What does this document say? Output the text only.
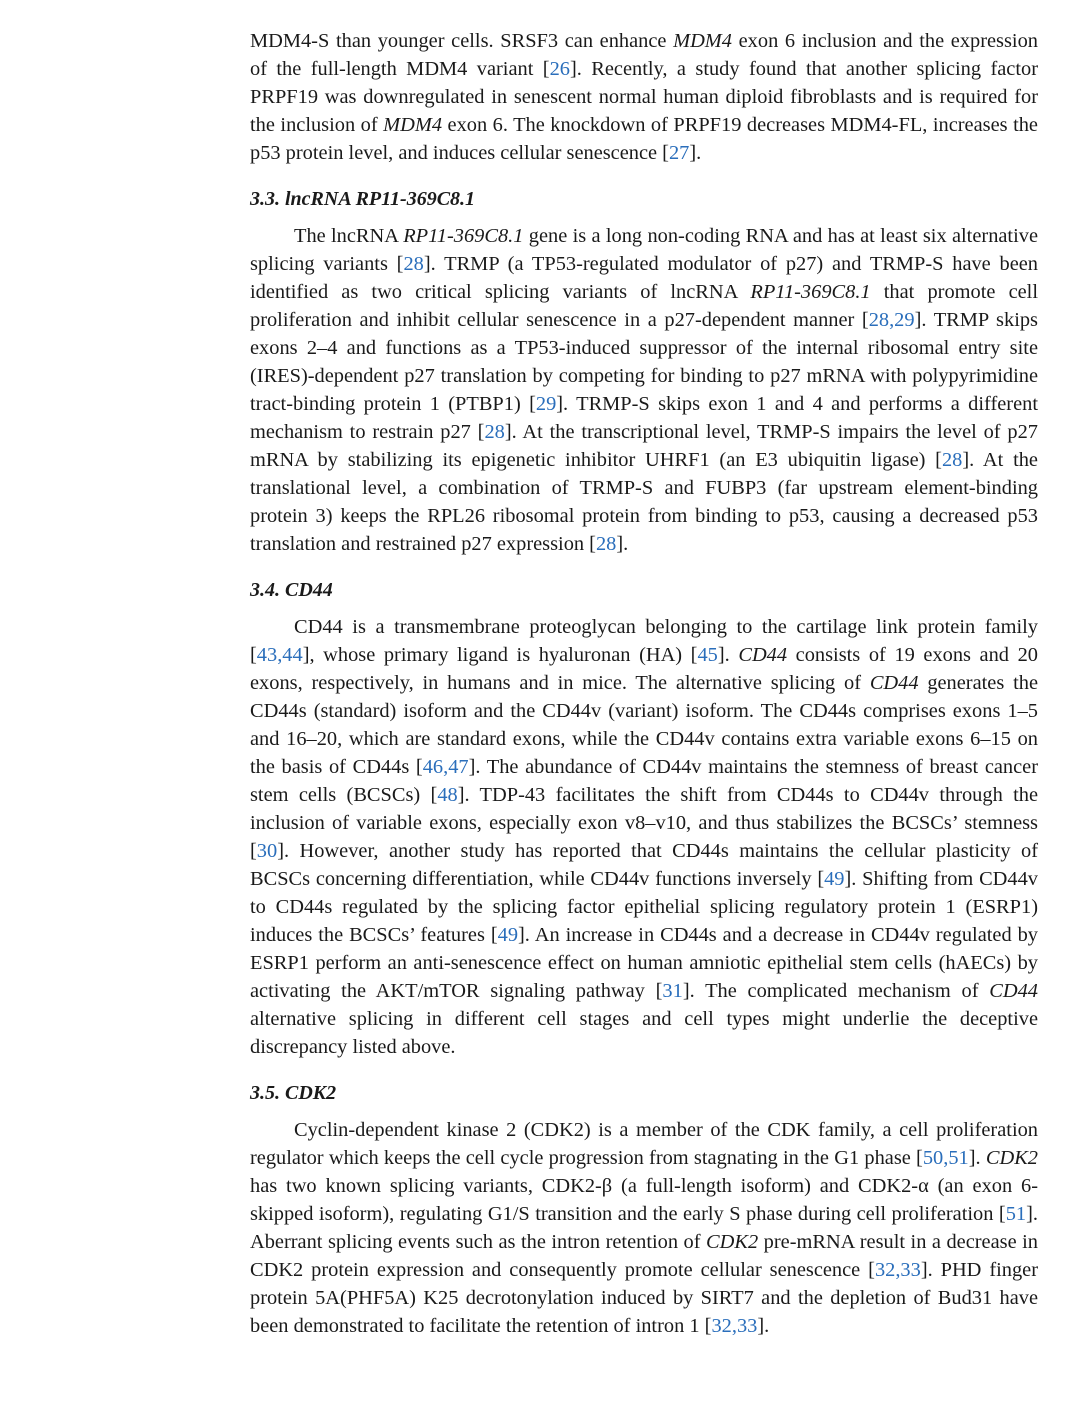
MDM4-S than younger cells. SRSF3 can enhance MDM4 exon 6 inclusion and the expression of the full-length MDM4 variant [26]. Recently, a study found that another splicing factor PRPF19 was downregulated in senescent normal human diploid fibroblasts and is required for the inclusion of MDM4 exon 6. The knockdown of PRPF19 decreases MDM4-FL, increases the p53 protein level, and induces cellular senescence [27].

3.3. lncRNA RP11-369C8.1

The lncRNA RP11-369C8.1 gene is a long non-coding RNA and has at least six alternative splicing variants [28]. TRMP (a TP53-regulated modulator of p27) and TRMP-S have been identified as two critical splicing variants of lncRNA RP11-369C8.1 that promote cell proliferation and inhibit cellular senescence in a p27-dependent manner [28,29]. TRMP skips exons 2–4 and functions as a TP53-induced suppressor of the internal ribosomal entry site (IRES)-dependent p27 translation by competing for binding to p27 mRNA with polypyrimidine tract-binding protein 1 (PTBP1) [29]. TRMP-S skips exon 1 and 4 and performs a different mechanism to restrain p27 [28]. At the transcriptional level, TRMP-S impairs the level of p27 mRNA by stabilizing its epigenetic inhibitor UHRF1 (an E3 ubiquitin ligase) [28]. At the translational level, a combination of TRMP-S and FUBP3 (far upstream element-binding protein 3) keeps the RPL26 ribosomal protein from binding to p53, causing a decreased p53 translation and restrained p27 expression [28].

3.4. CD44

CD44 is a transmembrane proteoglycan belonging to the cartilage link protein family [43,44], whose primary ligand is hyaluronan (HA) [45]. CD44 consists of 19 exons and 20 exons, respectively, in humans and in mice. The alternative splicing of CD44 generates the CD44s (standard) isoform and the CD44v (variant) isoform. The CD44s comprises exons 1–5 and 16–20, which are standard exons, while the CD44v contains extra variable exons 6–15 on the basis of CD44s [46,47]. The abundance of CD44v maintains the stemness of breast cancer stem cells (BCSCs) [48]. TDP-43 facilitates the shift from CD44s to CD44v through the inclusion of variable exons, especially exon v8–v10, and thus stabilizes the BCSCs’ stemness [30]. However, another study has reported that CD44s maintains the cellular plasticity of BCSCs concerning differentiation, while CD44v functions inversely [49]. Shifting from CD44v to CD44s regulated by the splicing factor epithelial splicing regulatory protein 1 (ESRP1) induces the BCSCs’ features [49]. An increase in CD44s and a decrease in CD44v regulated by ESRP1 perform an anti-senescence effect on human amniotic epithelial stem cells (hAECs) by activating the AKT/mTOR signaling pathway [31]. The complicated mechanism of CD44 alternative splicing in different cell stages and cell types might underlie the deceptive discrepancy listed above.

3.5. CDK2

Cyclin-dependent kinase 2 (CDK2) is a member of the CDK family, a cell proliferation regulator which keeps the cell cycle progression from stagnating in the G1 phase [50,51]. CDK2 has two known splicing variants, CDK2-β (a full-length isoform) and CDK2-α (an exon 6-skipped isoform), regulating G1/S transition and the early S phase during cell proliferation [51]. Aberrant splicing events such as the intron retention of CDK2 pre-mRNA result in a decrease in CDK2 protein expression and consequently promote cellular senescence [32,33]. PHD finger protein 5A(PHF5A) K25 decrotonylation induced by SIRT7 and the depletion of Bud31 have been demonstrated to facilitate the retention of intron 1 [32,33].
